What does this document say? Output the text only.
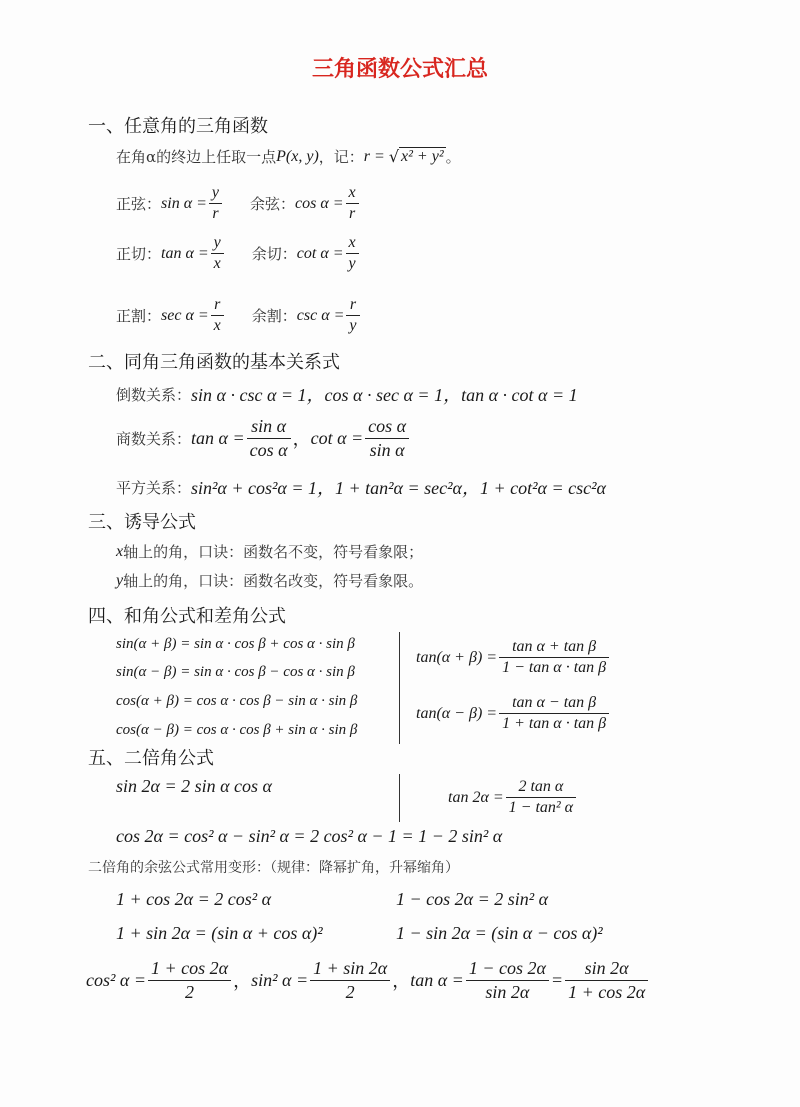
三角函数公式汇总
一、任意角的三角函数
在角α的终边上任取一点 P(x, y) ，记： r = √ x² + y² 。
正弦： $\sin \alpha = \frac{y}{r}$ 余弦： $\cos \alpha = \frac{x}{r}$
正切： $\tan \alpha = \frac{y}{x}$ 余切： $\cot \alpha = \frac{x}{y}$
正割： $\sec \alpha = \frac{r}{x}$ 余割： $\csc \alpha = \frac{r}{y}$
二、同角三角函数的基本关系式
倒数关系： sin α · csc α = 1，cos α · sec α = 1，tan α · cot α = 1
商数关系： $\tan \alpha = \frac{\text{sin α}}{\text{cos α}}$ ， $\cot \alpha = \frac{\text{cos α}}{\text{sin α}}$
平方关系： sin²α + cos²α = 1，1 + tan²α = sec²α，1 + cot²α = csc²α
三、诱导公式
x 轴上的角，口诀：函数名不变，符号看象限；
y 轴上的角，口诀：函数名改变，符号看象限。
四、和角公式和差角公式
sin(α + β) = sin α · cos β + cos α · sin β
sin(α − β) = sin α · cos β − cos α · sin β
cos(α + β) = cos α · cos β − sin α · sin β
cos(α − β) = cos α · cos β + sin α · sin β
$\tan(\alpha + \beta) = \frac{\text{tan α + tan β}}{\text{1 − tan α · tan β}}$
$\tan(\alpha - \beta) = \frac{\text{tan α − tan β}}{\text{1 + tan α · tan β}}$
五、二倍角公式
sin 2α = 2 sin α cos α
$\tan 2\alpha = \frac{\text{2 tan α}}{\text{1 − tan² α}}$
cos 2α = cos² α − sin² α = 2 cos² α − 1 = 1 − 2 sin² α
二倍角的余弦公式常用变形：（规律：降幂扩角，升幂缩角）
1 + cos 2α = 2 cos² α	1 − cos 2α = 2 sin² α
1 + sin 2α = (sin α + cos α)²	1 − sin 2α = (sin α − cos α)²
cos² $\alpha = \frac{1 + \cos 2\alpha}{2}$ ， sin² $\alpha = \frac{1 + \sin 2\alpha}{2}$ ， $\tan \alpha = \frac{1 - \cos 2\alpha}{\sin 2\alpha} = \frac{\sin 2\alpha}{1 + \cos 2\alpha}$
